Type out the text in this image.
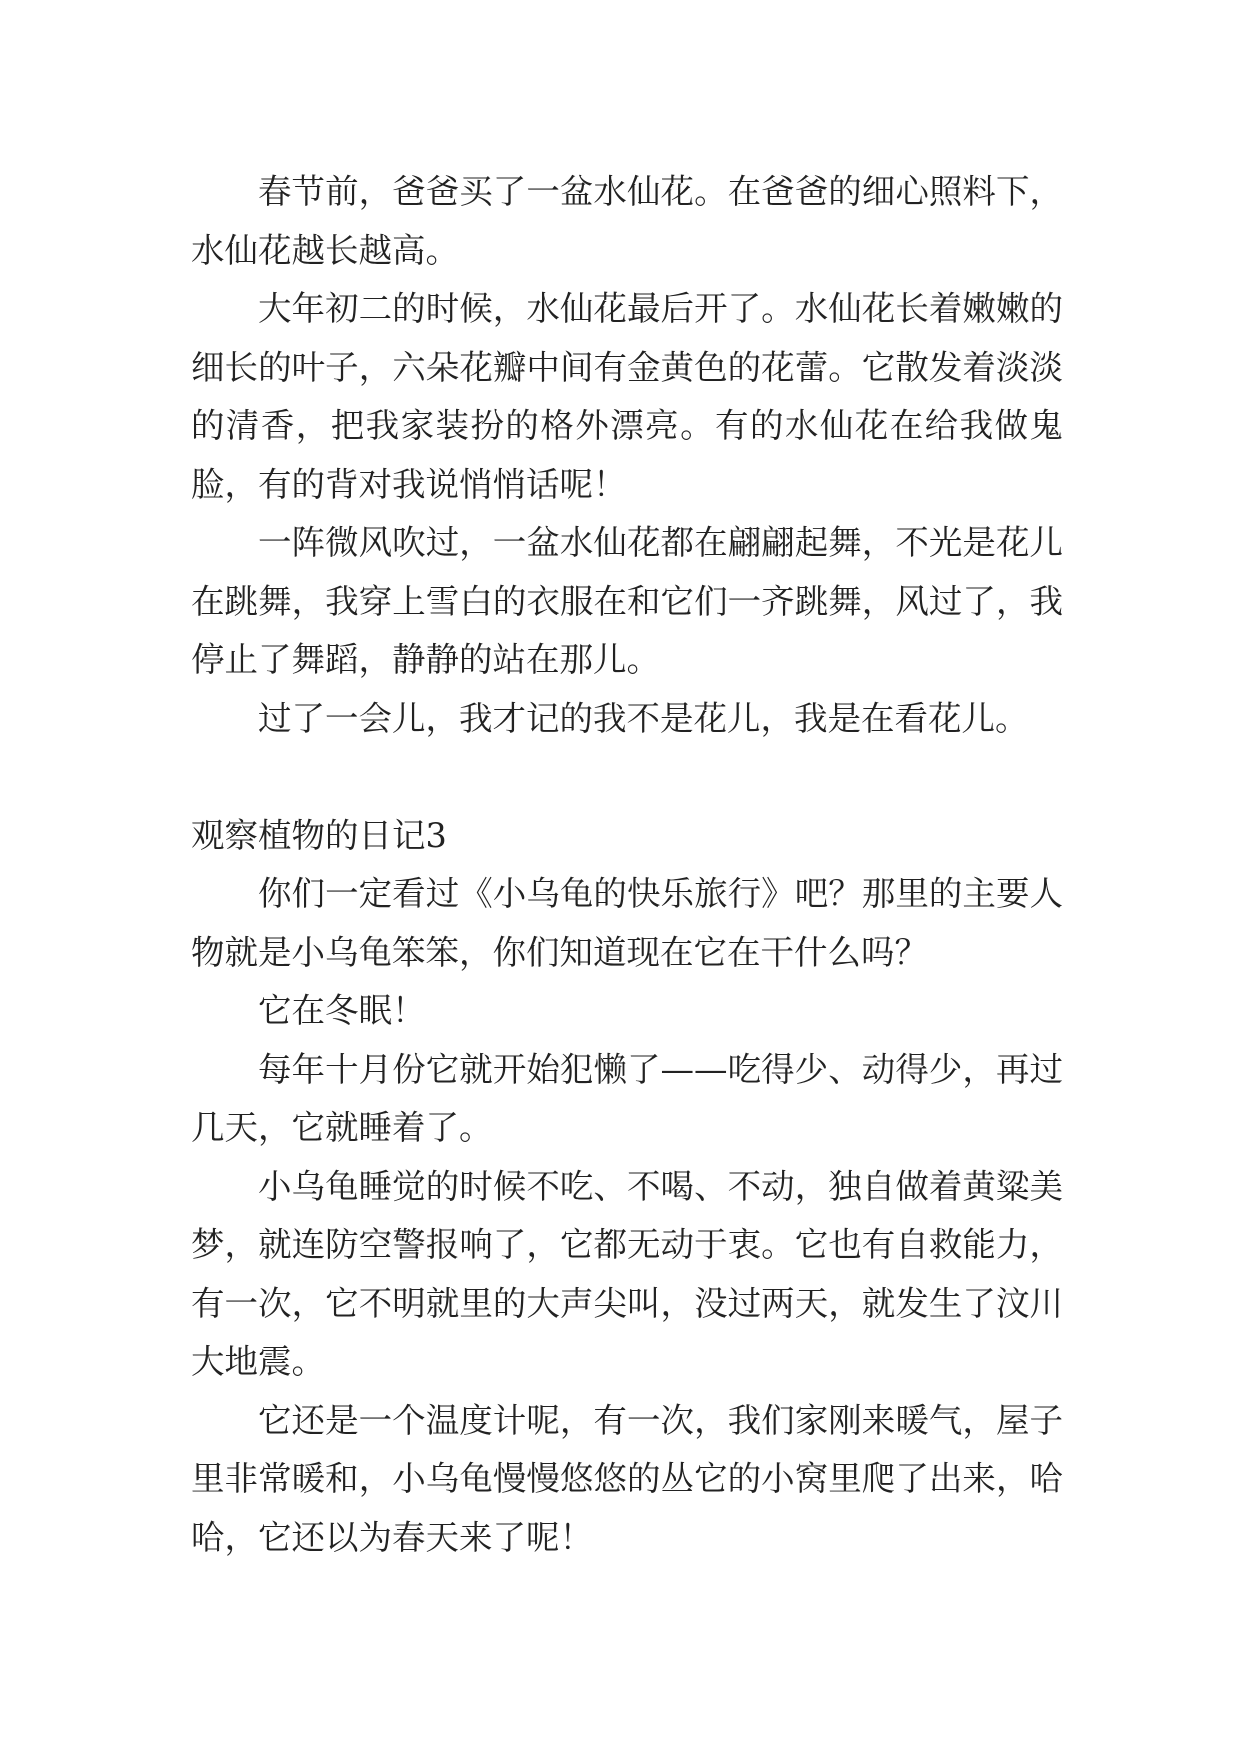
春节前，爸爸买了一盆水仙花。在爸爸的细心照料下，水仙花越长越高。

大年初二的时候，水仙花最后开了。水仙花长着嫩嫩的细长的叶子，六朵花瓣中间有金黄色的花蕾。它散发着淡淡的清香，把我家装扮的格外漂亮。有的水仙花在给我做鬼脸，有的背对我说悄悄话呢！

一阵微风吹过，一盆水仙花都在翩翩起舞，不光是花儿在跳舞，我穿上雪白的衣服在和它们一齐跳舞，风过了，我停止了舞蹈，静静的站在那儿。

过了一会儿，我才记的我不是花儿，我是在看花儿。

观察植物的日记3

你们一定看过《小乌龟的快乐旅行》吧？那里的主要人物就是小乌龟笨笨，你们知道现在它在干什么吗？

它在冬眠！

每年十月份它就开始犯懒了——吃得少、动得少，再过几天，它就睡着了。

小乌龟睡觉的时候不吃、不喝、不动，独自做着黄粱美梦，就连防空警报响了，它都无动于衷。它也有自救能力，有一次，它不明就里的大声尖叫，没过两天，就发生了汶川大地震。

它还是一个温度计呢，有一次，我们家刚来暖气，屋子里非常暖和，小乌龟慢慢悠悠的丛它的小窝里爬了出来，哈哈，它还以为春天来了呢！
